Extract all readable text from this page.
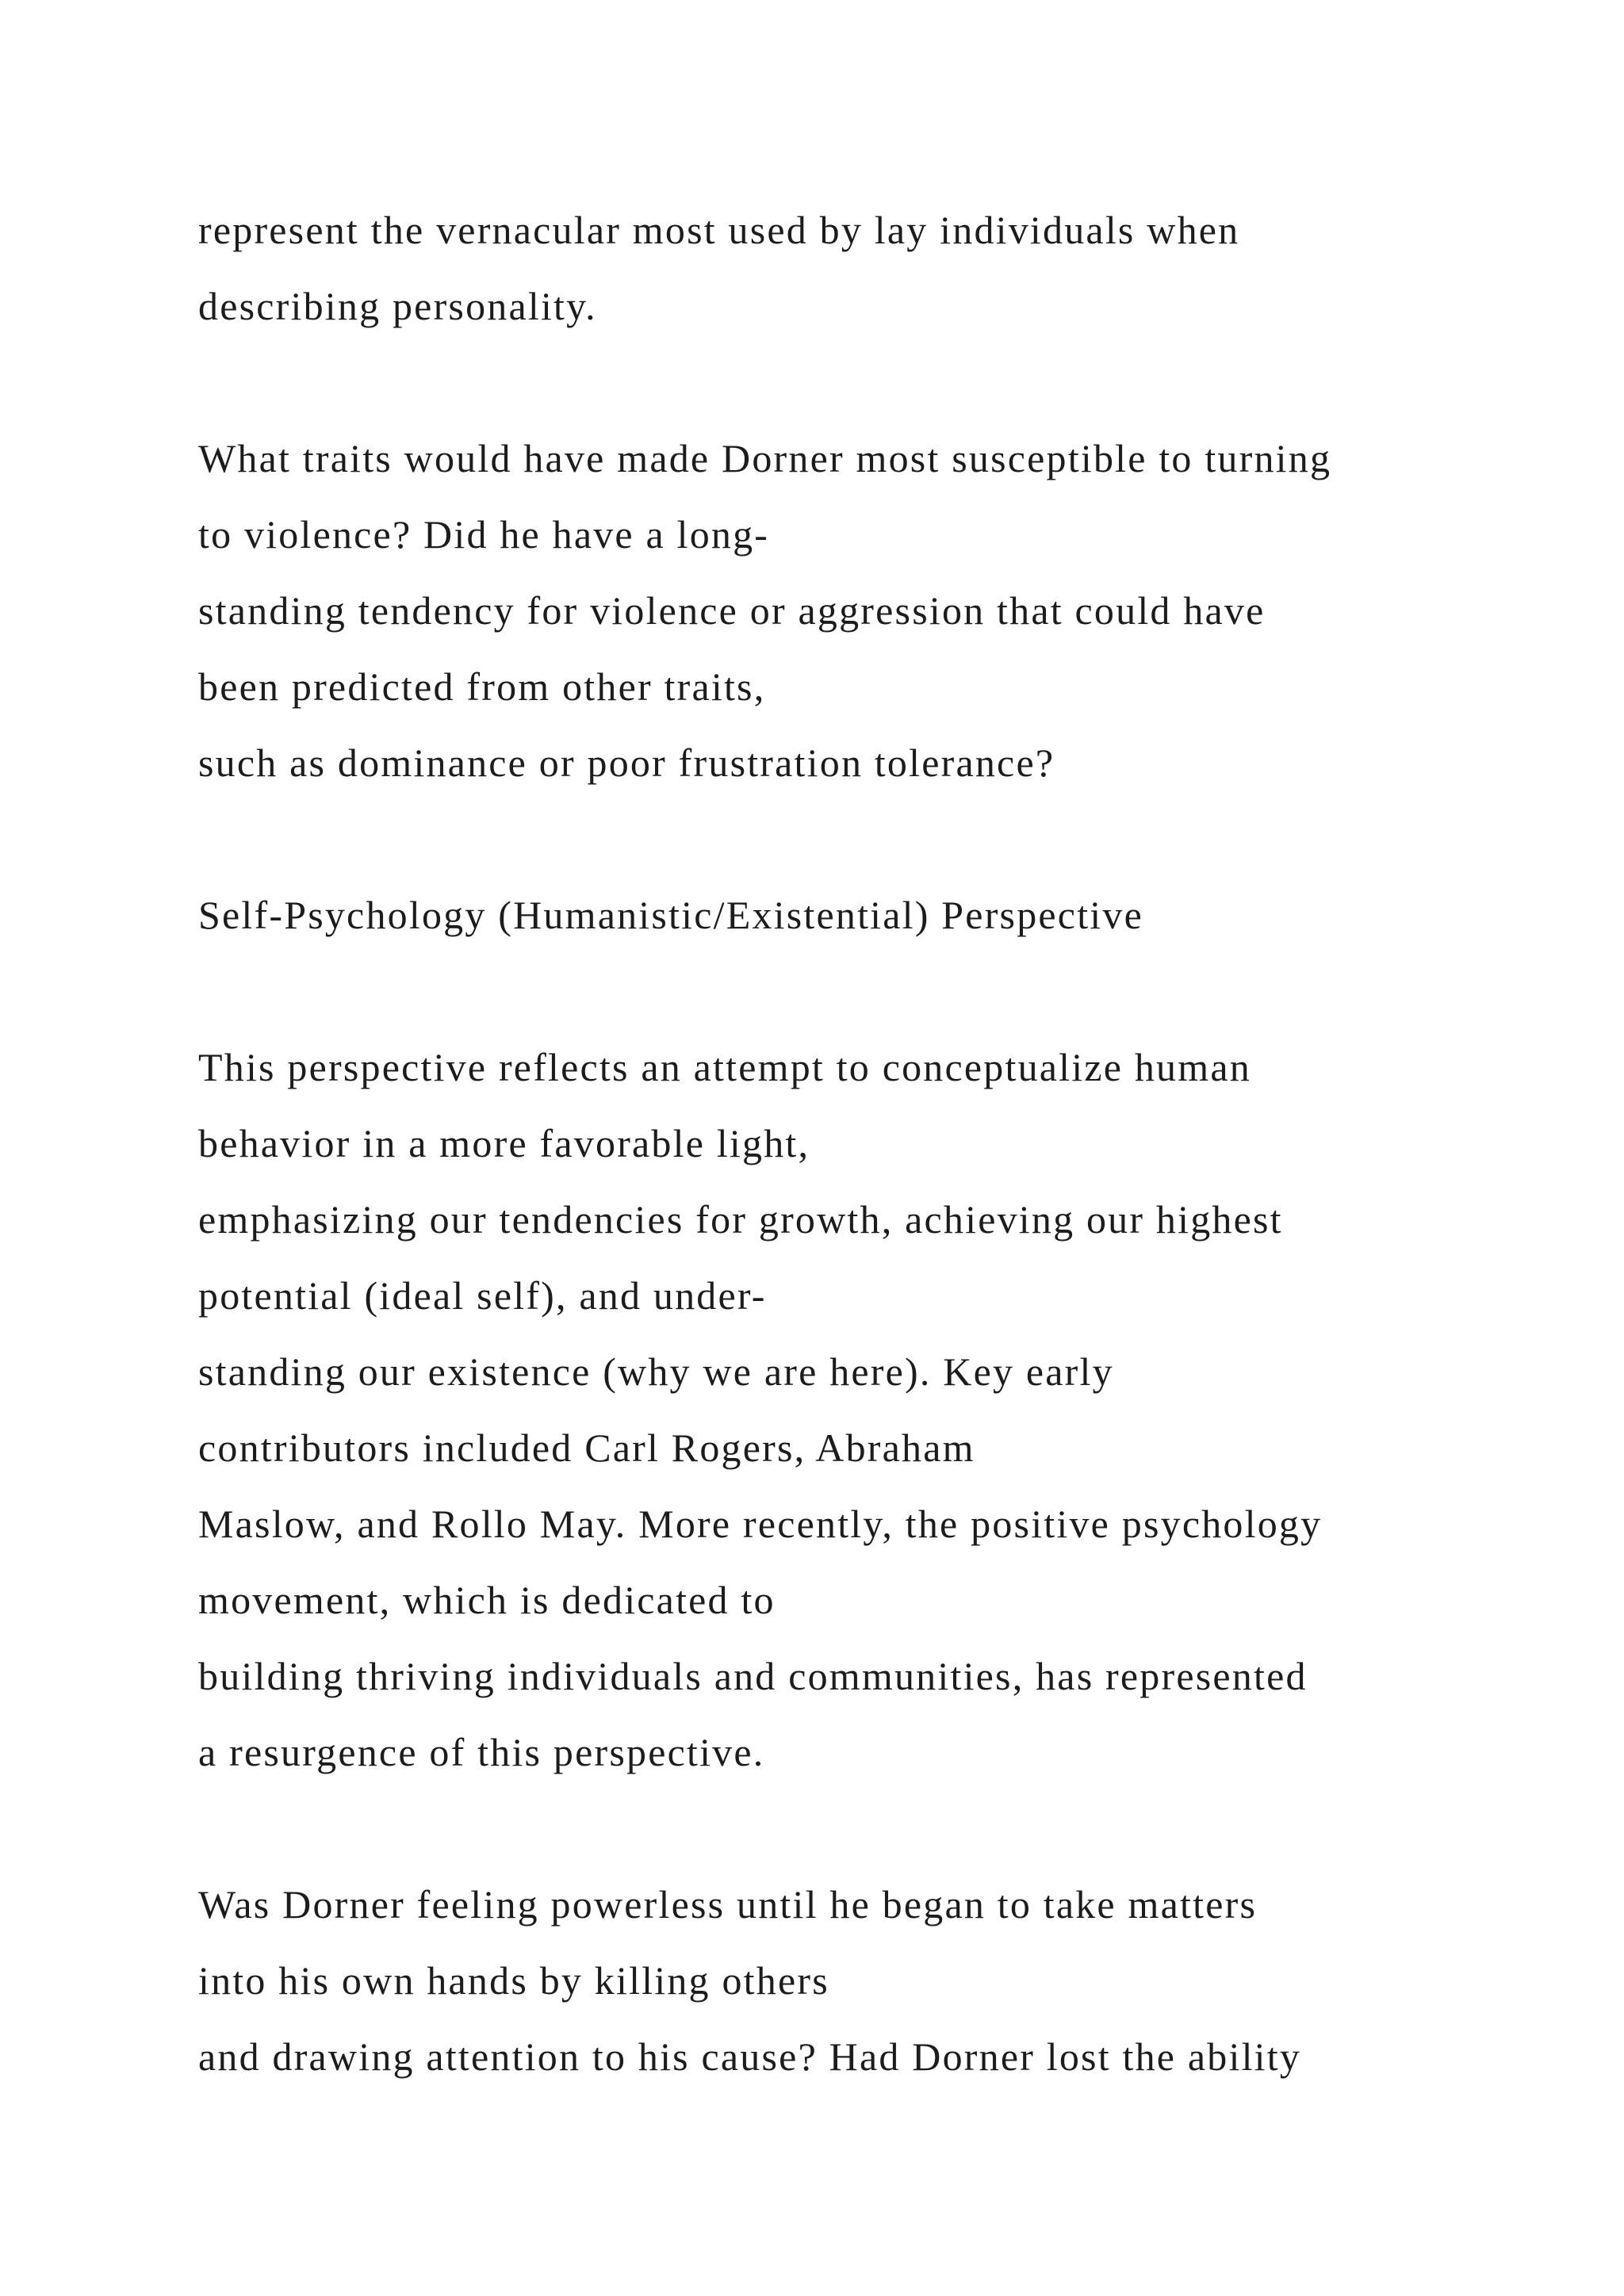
represent the vernacular most used by lay individuals when
describing personality.
What traits would have made Dorner most susceptible to turning
to violence? Did he have a long-
standing tendency for violence or aggression that could have
been predicted from other traits,
such as dominance or poor frustration tolerance?
Self-Psychology (Humanistic/Existential) Perspective
This perspective reflects an attempt to conceptualize human
behavior in a more favorable light,
emphasizing our tendencies for growth, achieving our highest
potential (ideal self), and under-
standing our existence (why we are here). Key early
contributors included Carl Rogers, Abraham
Maslow, and Rollo May. More recently, the positive psychology
movement, which is dedicated to
building thriving individuals and communities, has represented
a resurgence of this perspective.
Was Dorner feeling powerless until he began to take matters
into his own hands by killing others
and drawing attention to his cause? Had Dorner lost the ability
